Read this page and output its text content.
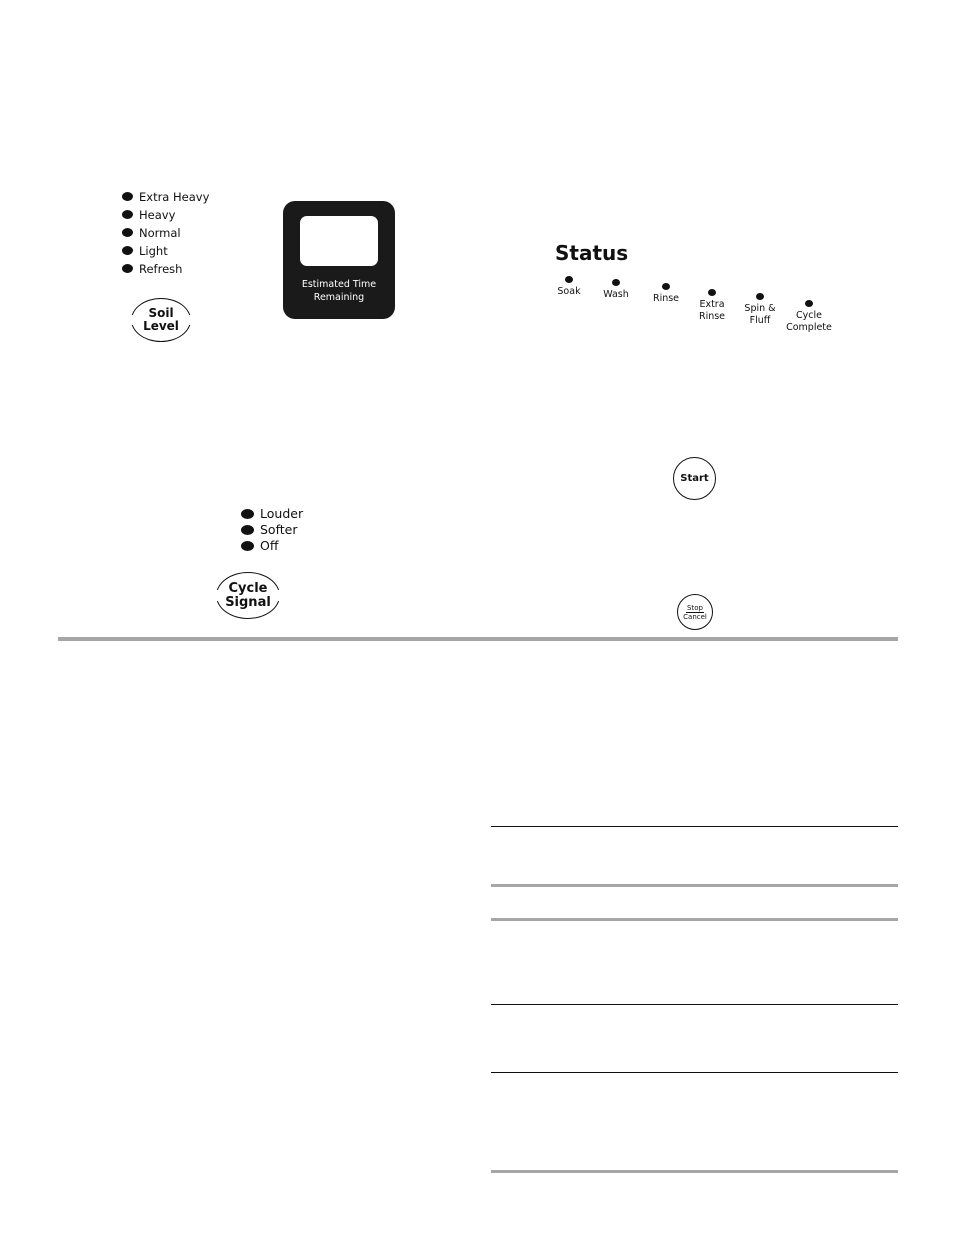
Extra Heavy
Heavy
Normal
Light
Refresh
Soil
Level
Estimated Time
Remaining
Status
Soak	Wash	Rinse
Extra
Rinse
Spin &
Fluff	Cycle
Complete
Start
Louder
Softer
Off
Cycle
Signal	Stop
Cancel
